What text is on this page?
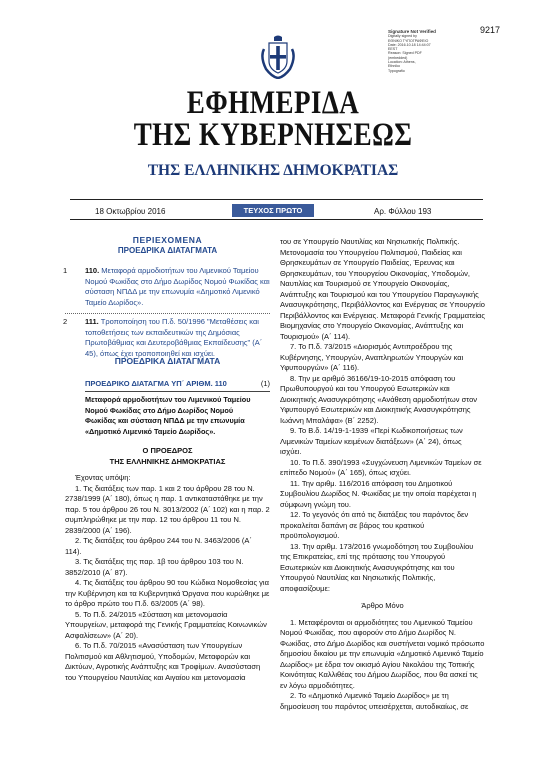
9217
Signature Not Verified
Digitally signed by
ΕΘΝΙΚΟ ΤΥΠΟΓΡΑΦΕΙΟ
Date: 2016.10.18 14:44:07
EEST
Reason: Signed PDF
(embedded)
Location: Athens,
Ethniko
Typografio
ΕΦΗΜΕΡΙΔΑ
ΤΗΣ ΚΥΒΕΡΝΗΣΕΩΣ
ΤΗΣ ΕΛΛΗΝΙΚΗΣ ΔΗΜΟΚΡΑΤΙΑΣ
18 Οκτωβρίου 2016	ΤΕΥΧΟΣ ΠΡΩΤΟ	Αρ. Φύλλου 193
ΠΕΡΙΕΧΟΜΕΝΑ
ΠΡΟΕΔΡΙΚΑ ΔΙΑΤΑΓΜΑΤΑ
1	110. Μεταφορά αρμοδιοτήτων του Λιμενικού Ταμείου Νομού Φωκίδας στο Δήμο Δωρίδος Νομού Φωκίδας και σύσταση ΝΠΔΔ με την επωνυμία «Δημοτικό Λιμενικό Ταμείο Δωρίδος».

2	111. Τροποποίηση του Π.δ. 50/1996 "Μεταθέσεις και τοποθετήσεις των εκπαιδευτικών της Δημόσιας Πρωτοβάθμιας και Δευτεροβάθμιας Εκπαίδευσης" (Α΄ 45), όπως έχει τροποποιηθεί και ισχύει.

ΠΡΟΕΔΡΙΚΑ ΔΙΑΤΑΓΜΑΤΑ
ΠΡΟΕΔΡΙΚΟ ΔΙΑΤΑΓΜΑ ΥΠ΄ ΑΡΙΘΜ. 110	(1)

Μεταφορά αρμοδιοτήτων του Λιμενικού Ταμείου Νομού Φωκίδας στο Δήμο Δωρίδος Νομού Φωκίδας και σύσταση ΝΠΔΔ με την επωνυμία «Δημοτικό Λιμενικό Ταμείο Δωρίδος».

Ο ΠΡΟΕΔΡΟΣ
ΤΗΣ ΕΛΛΗΝΙΚΗΣ ΔΗΜΟΚΡΑΤΙΑΣ

Έχοντας υπόψη:

1. Τις διατάξεις των παρ. 1 και 2 του άρθρου 28 του Ν. 2738/1999 (Α΄ 180), όπως η παρ. 1 αντικαταστάθηκε με την παρ. 5 του άρθρου 26 του Ν. 3013/2002 (Α΄ 102) και η παρ. 2 συμπληρώθηκε με την παρ. 12 του άρθρου 11 του Ν. 2839/2000 (Α΄ 196).

2. Τις διατάξεις του άρθρου 244 του Ν. 3463/2006 (Α΄ 114).

3. Τις διατάξεις της παρ. 1β του άρθρου 103 του Ν. 3852/2010 (Α΄ 87).

4. Τις διατάξεις του άρθρου 90 του Κώδικα Νομοθεσίας για την Κυβέρνηση και τα Κυβερνητικά Όργανα που κυρώθηκε με το άρθρο πρώτο του Π.δ. 63/2005 (Α΄ 98).

5. Το Π.δ. 24/2015 «Σύσταση και μετονομασία Υπουργείων, μεταφορά της Γενικής Γραμματείας Κοινωνικών Ασφαλίσεων» (Α΄ 20).

6. Το Π.δ. 70/2015 «Ανασύσταση των Υπουργείων Πολιτισμού και Αθλητισμού, Υποδομών, Μεταφορών και Δικτύων, Αγροτικής Ανάπτυξης και Τροφίμων. Ανασύσταση του Υπουργείου Ναυτιλίας και Αιγαίου και μετονομασία

του σε Υπουργείο Ναυτιλίας και Νησιωτικής Πολιτικής. Μετονομασία του Υπουργείου Πολιτισμού, Παιδείας και Θρησκευμάτων σε Υπουργείο Παιδείας, Έρευνας και Θρησκευμάτων, του Υπουργείου Οικονομίας, Υποδομών, Ναυτιλίας και Τουρισμού σε Υπουργείο Οικονομίας, Ανάπτυξης και Τουρισμού και του Υπουργείου Παραγωγικής Ανασυγκρότησης, Περιβάλλοντος και Ενέργειας σε Υπουργείο Περιβάλλοντος και Ενέργειας. Μεταφορά Γενικής Γραμματείας Βιομηχανίας στο Υπουργείο Οικονομίας, Ανάπτυξης και Τουρισμού» (Α΄ 114).

7. Το Π.δ. 73/2015 «Διορισμός Αντιπροέδρου της Κυβέρνησης, Υπουργών, Αναπληρωτών Υπουργών και Υφυπουργών» (Α΄ 116).

8. Την με αριθμό 36166/19-10-2015 απόφαση του Πρωθυπουργού και του Υπουργού Εσωτερικών και Διοικητικής Ανασυγκρότησης «Ανάθεση αρμοδιοτήτων στον Υφυπουργό Εσωτερικών και Διοικητικής Ανασυγκρότησης Ιωάννη Μπαλάφα» (Β΄ 2252).

9. Το Β.δ. 14/19-1-1939 «Περί Κωδικοποιήσεως των Λιμενικών Ταμείων κειμένων διατάξεων» (Α΄ 24), όπως ισχύει.

10. Το Π.δ. 390/1993 «Συγχώνευση Λιμενικών Ταμείων σε επίπεδο Νομού» (Α΄ 165), όπως ισχύει.

11. Την αριθμ. 116/2016 απόφαση του Δημοτικού Συμβουλίου Δωρίδος Ν. Φωκίδας με την οποία παρέχεται η σύμφωνη γνώμη του.

12. Το γεγονός ότι από τις διατάξεις του παρόντος δεν προκαλείται δαπάνη σε βάρος του κρατικού προϋπολογισμού.

13. Την αριθμ. 173/2016 γνωμοδότηση του Συμβουλίου της Επικρατείας, επί της πρότασης του Υπουργού Εσωτερικών και Διοικητικής Ανασυγκρότησης και του Υπουργού Ναυτιλίας και Νησιωτικής Πολιτικής, αποφασίζουμε:

Άρθρο Μόνο

1. Μεταφέρονται οι αρμοδιότητες του Λιμενικού Ταμείου Νομού Φωκίδας, που αφορούν στο Δήμο Δωρίδος Ν. Φωκίδας, στο Δήμο Δωρίδος και συστήνεται νομικό πρόσωπο δημοσίου δικαίου με την επωνυμία «Δημοτικό Λιμενικό Ταμείο Δωρίδος» με έδρα τον οικισμό Αγίου Νικολάου της Τοπικής Κοινότητας Καλλιθέας του Δήμου Δωρίδος, που θα ασκεί τις εν λόγω αρμοδιότητες.

2. Το «Δημοτικό Λιμενικό Ταμείο Δωρίδος» με τη δημοσίευση του παρόντος υπεισέρχεται, αυτοδικαίως, σε
